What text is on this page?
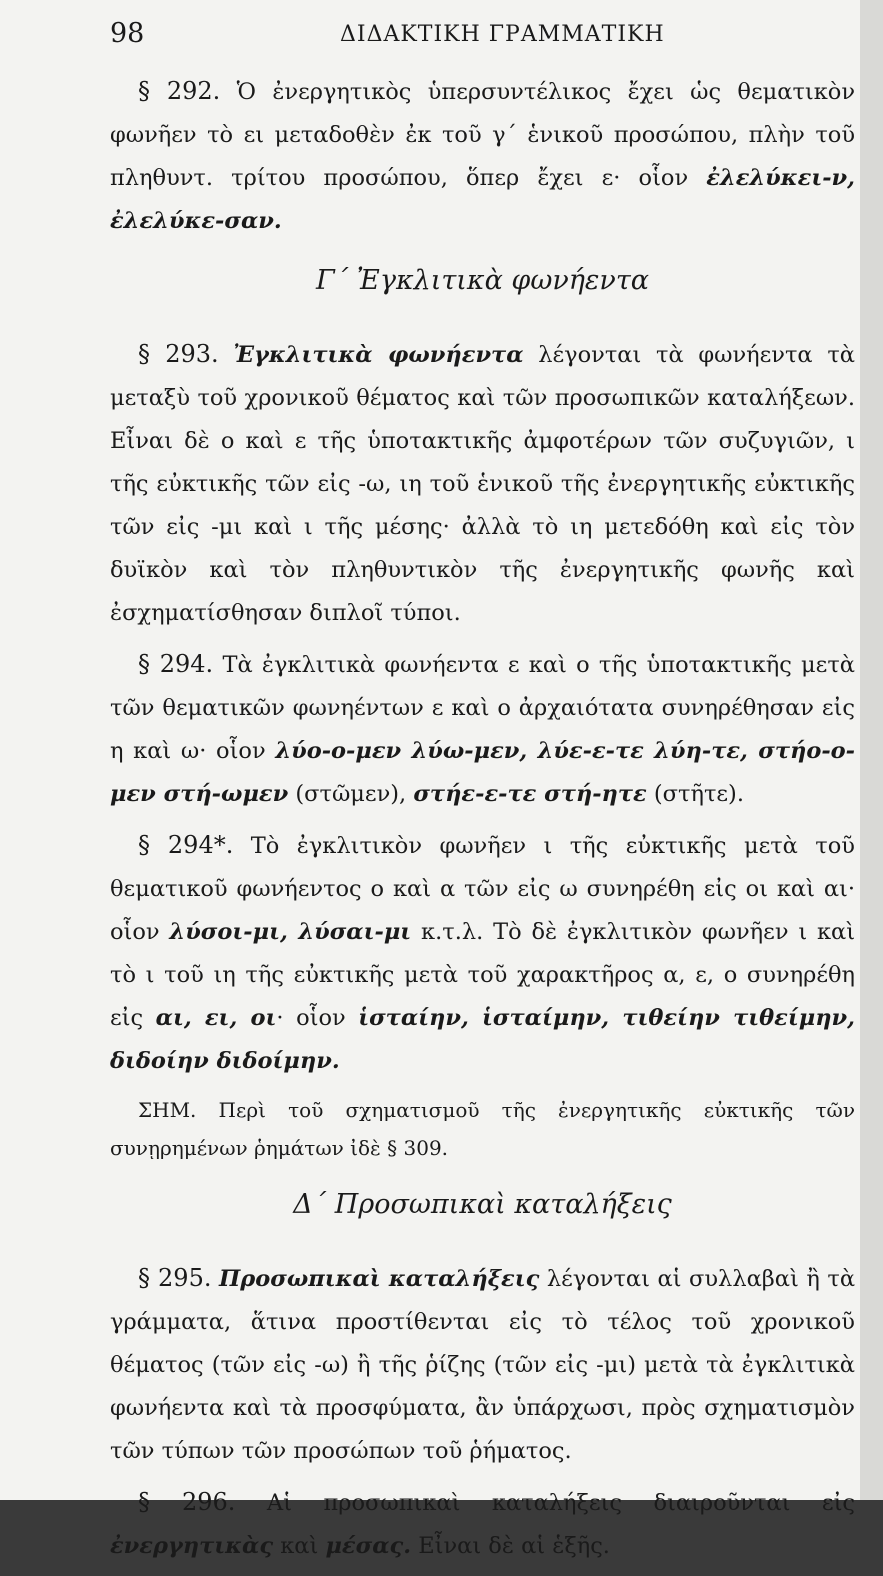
98	ΔΙΔΑΚΤΙΚΗ ΓΡΑΜΜΑΤΙΚΗ

§ 292. Ὁ ἐνεργητικὸς ὑπερσυντέλικος ἔχει ὡς θεματικὸν φωνῆεν τὸ ει μεταδοθὲν ἐκ τοῦ γ΄ ἑνικοῦ προσώπου, πλὴν τοῦ πληθυντ. τρίτου προσώπου, ὅπερ ἔχει ε· οἷον ἐλελύκει-ν, ἐλελύκε-σαν.

Γ΄ Ἐγκλιτικὰ φωνήεντα

§ 293. Ἐγκλιτικὰ φωνήεντα λέγονται τὰ φωνήεντα τὰ μεταξὺ τοῦ χρονικοῦ θέματος καὶ τῶν προσωπικῶν καταλήξεων. Εἶναι δὲ ο καὶ ε τῆς ὑποτακτικῆς ἀμφοτέρων τῶν συζυγιῶν, ι τῆς εὐκτικῆς τῶν εἰς -ω, ιη τοῦ ἑνικοῦ τῆς ἐνεργητικῆς εὐκτικῆς τῶν εἰς -μι καὶ ι τῆς μέσης· ἀλλὰ τὸ ιη μετεδόθη καὶ εἰς τὸν δυϊκὸν καὶ τὸν πληθυντικὸν τῆς ἐνεργητικῆς φωνῆς καὶ ἐσχηματίσθησαν διπλοῖ τύποι.

§ 294. Τὰ ἐγκλιτικὰ φωνήεντα ε καὶ ο τῆς ὑποτακτικῆς μετὰ τῶν θεματικῶν φωνηέντων ε καὶ ο ἀρχαιότατα συνηρέθησαν εἰς η καὶ ω· οἷον λύο-ο-μεν λύω-μεν, λύε-ε-τε λύη-τε, στήο-ο-μεν στή-ωμεν (στῶμεν), στήε-ε-τε στή-ητε (στῆτε).

§ 294*. Τὸ ἐγκλιτικὸν φωνῆεν ι τῆς εὐκτικῆς μετὰ τοῦ θεματικοῦ φωνήεντος ο καὶ α τῶν εἰς ω συνηρέθη εἰς οι καὶ αι· οἷον λύσοι-μι, λύσαι-μι κ.τ.λ. Τὸ δὲ ἐγκλιτικὸν φωνῆεν ι καὶ τὸ ι τοῦ ιη τῆς εὐκτικῆς μετὰ τοῦ χαρακτῆρος α, ε, ο συνηρέθη εἰς αι, ει, οι· οἷον ἱσταίην, ἱσταίμην, τιθείην τιθείμην, διδοίην διδοίμην.

ΣΗΜ. Περὶ τοῦ σχηματισμοῦ τῆς ἐνεργητικῆς εὐκτικῆς τῶν συνῃρημένων ῥημάτων ἰδὲ § 309.

Δ΄ Προσωπικαὶ καταλήξεις

§ 295. Προσωπικαὶ καταλήξεις λέγονται αἱ συλλαβαὶ ἢ τὰ γράμματα, ἅτινα προστίθενται εἰς τὸ τέλος τοῦ χρονικοῦ θέματος (τῶν εἰς -ω) ἢ τῆς ῥίζης (τῶν εἰς -μι) μετὰ τὰ ἐγκλιτικὰ φωνήεντα καὶ τὰ προσφύματα, ἂν ὑπάρχωσι, πρὸς σχηματισμὸν τῶν τύπων τῶν προσώπων τοῦ ῥήματος.

§ 296. Αἱ προσωπικαὶ καταλήξεις διαιροῦνται εἰς ἐνεργητικὰς καὶ μέσας. Εἶναι δὲ αἱ ἑξῆς.
